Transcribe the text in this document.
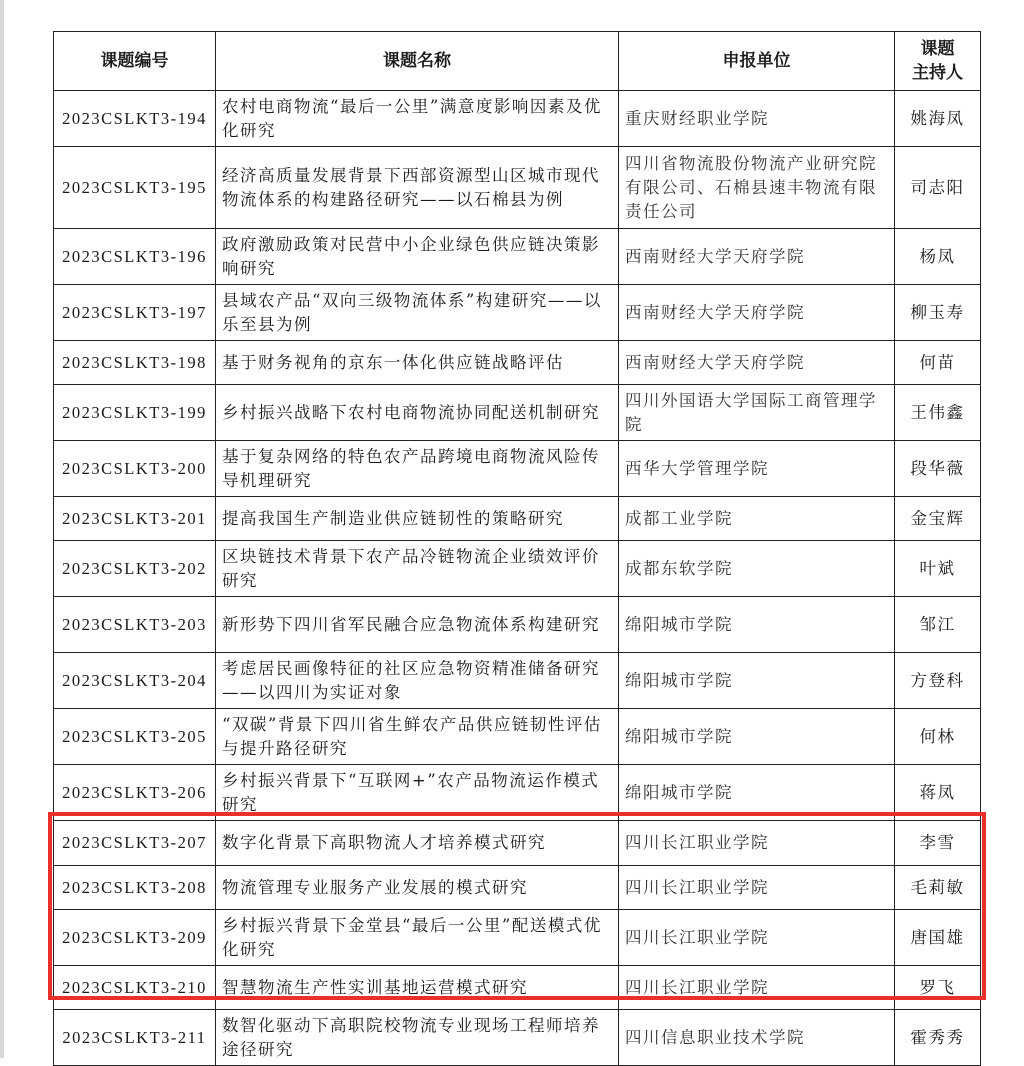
课题编号	课题名称	申报单位	课题
主持人
2023CSLKT3-194	农村电商物流“最后一公里”满意度影响因素及优化研究	重庆财经职业学院	姚海凤
2023CSLKT3-195	经济高质量发展背景下西部资源型山区城市现代物流体系的构建路径研究——以石棉县为例	四川省物流股份物流产业研究院有限公司、石棉县速丰物流有限责任公司	司志阳
2023CSLKT3-196	政府激励政策对民营中小企业绿色供应链决策影响研究	西南财经大学天府学院	杨凤
2023CSLKT3-197	县域农产品“双向三级物流体系”构建研究——以乐至县为例	西南财经大学天府学院	柳玉寿
2023CSLKT3-198	基于财务视角的京东一体化供应链战略评估	西南财经大学天府学院	何苗
2023CSLKT3-199	乡村振兴战略下农村电商物流协同配送机制研究	四川外国语大学国际工商管理学院	王伟鑫
2023CSLKT3-200	基于复杂网络的特色农产品跨境电商物流风险传导机理研究	西华大学管理学院	段华薇
2023CSLKT3-201	提高我国生产制造业供应链韧性的策略研究	成都工业学院	金宝辉
2023CSLKT3-202	区块链技术背景下农产品冷链物流企业绩效评价研究	成都东软学院	叶斌
2023CSLKT3-203	新形势下四川省军民融合应急物流体系构建研究	绵阳城市学院	邹江
2023CSLKT3-204	考虑居民画像特征的社区应急物资精准储备研究——以四川为实证对象	绵阳城市学院	方登科
2023CSLKT3-205	“双碳”背景下四川省生鲜农产品供应链韧性评估与提升路径研究	绵阳城市学院	何林
2023CSLKT3-206	乡村振兴背景下“互联网+”农产品物流运作模式研究	绵阳城市学院	蒋凤
2023CSLKT3-207	数字化背景下高职物流人才培养模式研究	四川长江职业学院	李雪
2023CSLKT3-208	物流管理专业服务产业发展的模式研究	四川长江职业学院	毛莉敏
2023CSLKT3-209	乡村振兴背景下金堂县“最后一公里”配送模式优化研究	四川长江职业学院	唐国雄
2023CSLKT3-210	智慧物流生产性实训基地运营模式研究	四川长江职业学院	罗飞
2023CSLKT3-211	数智化驱动下高职院校物流专业现场工程师培养途径研究	四川信息职业技术学院	霍秀秀
